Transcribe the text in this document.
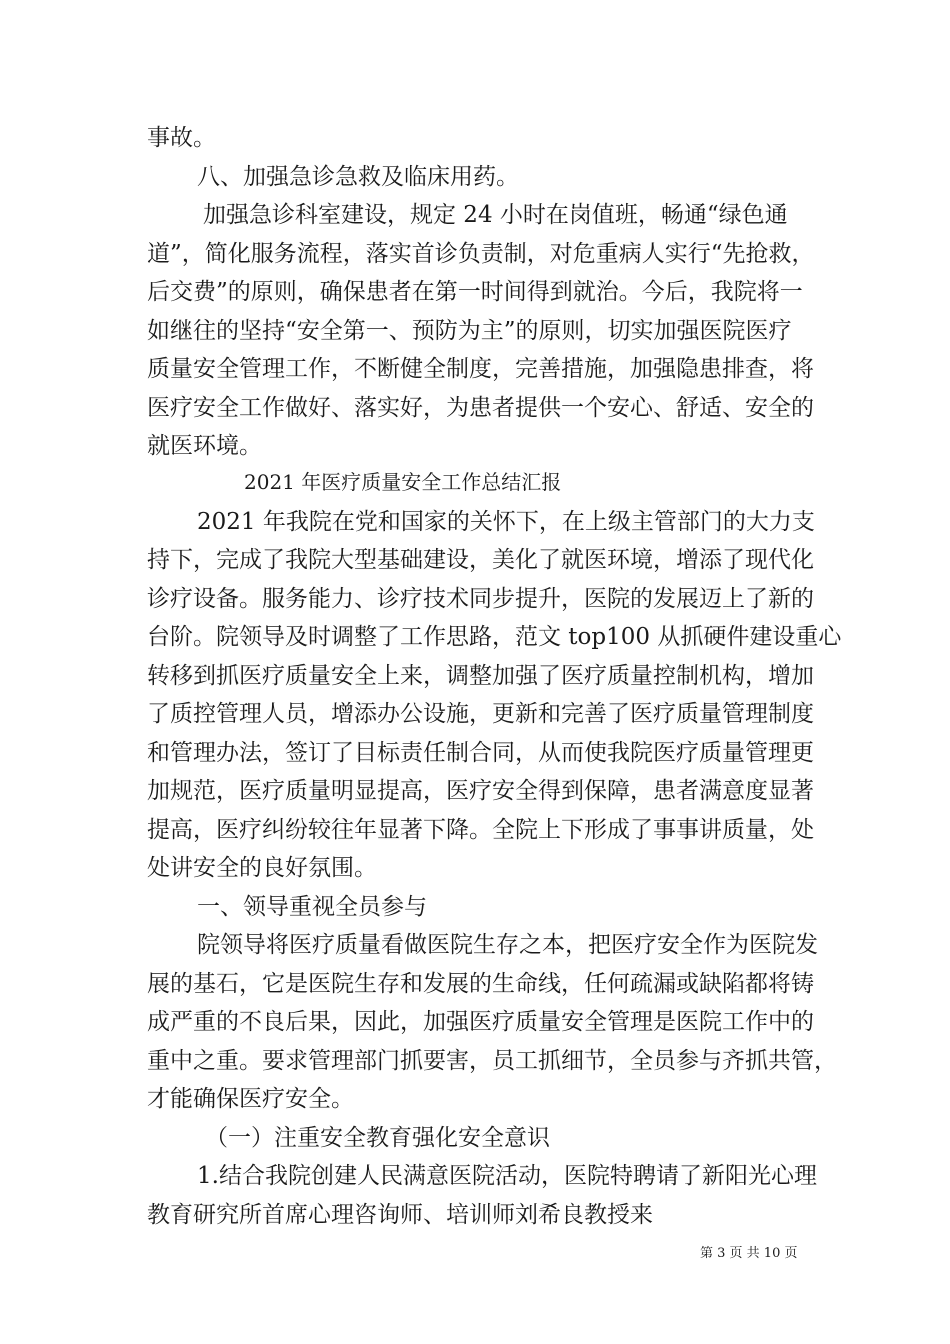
事故。
八、加强急诊急救及临床用药。
加强急诊科室建设，规定 24 小时在岗值班，畅通“绿色通
道”，简化服务流程，落实首诊负责制，对危重病人实行“先抢救，
后交费”的原则，确保患者在第一时间得到就治。今后，我院将一
如继往的坚持“安全第一、预防为主”的原则，切实加强医院医疗
质量安全管理工作，不断健全制度，完善措施，加强隐患排查，将
医疗安全工作做好、落实好，为患者提供一个安心、舒适、安全的
就医环境。
2021 年医疗质量安全工作总结汇报
2021 年我院在党和国家的关怀下，在上级主管部门的大力支
持下，完成了我院大型基础建设，美化了就医环境，增添了现代化
诊疗设备。服务能力、诊疗技术同步提升，医院的发展迈上了新的
台阶。院领导及时调整了工作思路，范文 top100 从抓硬件建设重心
转移到抓医疗质量安全上来，调整加强了医疗质量控制机构，增加
了质控管理人员，增添办公设施，更新和完善了医疗质量管理制度
和管理办法，签订了目标责任制合同，从而使我院医疗质量管理更
加规范，医疗质量明显提高，医疗安全得到保障，患者满意度显著
提高，医疗纠纷较往年显著下降。全院上下形成了事事讲质量，处
处讲安全的良好氛围。
一、领导重视全员参与
院领导将医疗质量看做医院生存之本，把医疗安全作为医院发
展的基石，它是医院生存和发展的生命线，任何疏漏或缺陷都将铸
成严重的不良后果，因此，加强医疗质量安全管理是医院工作中的
重中之重。要求管理部门抓要害，员工抓细节，全员参与齐抓共管，
才能确保医疗安全。
（一）注重安全教育强化安全意识
1.结合我院创建人民满意医院活动，医院特聘请了新阳光心理
教育研究所首席心理咨询师、培训师刘希良教授来
第 3 页 共 10 页
